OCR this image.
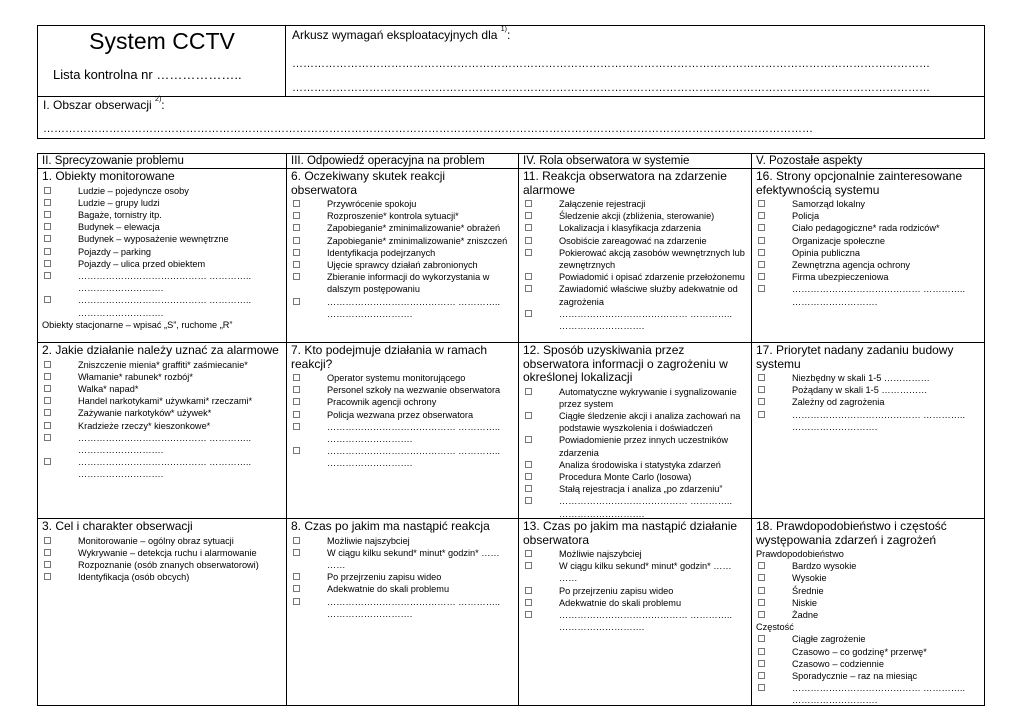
System CCTV
Lista kontrolna nr ………………..
Arkusz wymagań eksploatacyjnych dla $^{1)}$:
…………………………………………………………………………………………………………………………………………………………
…………………………………………………………………………………………………………………………………………………………
I. Obszar obserwacji $^{2)}$:
…………………………………………………………………………………………………………………………………………………………………………………………
II. Sprecyzowanie problemu	III. Odpowiedź operacyjna na problem	IV. Rola obserwatora w systemie	V. Pozostałe aspekty
1. Obiekty monitorowane
Ludzie – pojedyncze osoby
Ludzie – grupy ludzi
Bagaże, tornistry itp.
Budynek – elewacja
Budynek – wyposażenie wewnętrzne
Pojazdy – parking
Pojazdy – ulica przed obiektem
…………………………………… ………….. ……………………….
…………………………………… ………….. ……………………….
Obiekty stacjonarne – wpisać „S”, ruchome „R”
6. Oczekiwany skutek reakcji obserwatora
Przywrócenie spokoju
Rozproszenie* kontrola sytuacji*
Zapobieganie* zminimalizowanie* obrażeń
Zapobieganie* zminimalizowanie* zniszczeń
Identyfikacja podejrzanych
Ujęcie sprawcy działań zabronionych
Zbieranie informacji do wykorzystania w dalszym postępowaniu
…………………………………… ………….. ……………………….
11. Reakcja obserwatora na zdarzenie alarmowe
Załączenie rejestracji
Śledzenie akcji (zbliżenia, sterowanie)
Lokalizacja i klasyfikacja zdarzenia
Osobiście zareagować na zdarzenie
Pokierować akcją zasobów wewnętrznych lub zewnętrznych
Powiadomić i opisać zdarzenie przełożonemu
Zawiadomić właściwe służby adekwatnie od zagrożenia
…………………………………… ………….. ……………………….
16. Strony opcjonalnie zainteresowane efektywnością systemu
Samorząd lokalny
Policja
Ciało pedagogiczne* rada rodziców*
Organizacje społeczne
Opinia publiczna
Zewnętrzna agencja ochrony
Firma ubezpieczeniowa
…………………………………… ………….. ……………………….
2. Jakie działanie należy uznać za alarmowe
Zniszczenie mienia* graffiti* zaśmiecanie*
Włamanie* rabunek* rozbój*
Walka* napad*
Handel narkotykami* używkami* rzeczami*
Zażywanie narkotyków* używek*
Kradzieże rzeczy* kieszonkowe*
…………………………………… ………….. ……………………….
…………………………………… ………….. ……………………….
7. Kto podejmuje działania w ramach reakcji?
Operator systemu monitorującego
Personel szkoły na wezwanie obserwatora
Pracownik agencji ochrony
Policja wezwana przez obserwatora
…………………………………… ………….. ……………………….
…………………………………… ………….. ……………………….
12. Sposób uzyskiwania przez obserwatora informacji o zagrożeniu w określonej lokalizacji
Automatyczne wykrywanie i sygnalizowanie przez system
Ciągłe śledzenie akcji i analiza zachowań na podstawie wyszkolenia i doświadczeń
Powiadomienie przez innych uczestników zdarzenia
Analiza środowiska i statystyka zdarzeń
Procedura Monte Carlo (losowa)
Stałą rejestracja i analiza „po zdarzeniu”
…………………………………… ………….. ……………………….
17. Priorytet nadany zadaniu budowy systemu
Niezbędny w skali 1-5 ……………
Pożądany w skali 1-5 ……………
Zależny od zagrożenia
…………………………………… ………….. ……………………….
3. Cel i charakter obserwacji
Monitorowanie – ogólny obraz sytuacji
Wykrywanie – detekcja ruchu i alarmowanie
Rozpoznanie (osób znanych obserwatorowi)
Identyfikacja (osób obcych)
8. Czas po jakim ma nastąpić reakcja
Możliwie najszybciej
W ciągu kilku sekund* minut* godzin* …… ……
Po przejrzeniu zapisu wideo
Adekwatnie do skali problemu
…………………………………… ………….. ……………………….
13. Czas po jakim ma nastąpić działanie obserwatora
Możliwie najszybciej
W ciągu kilku sekund* minut* godzin* …… ……
Po przejrzeniu zapisu wideo
Adekwatnie do skali problemu
…………………………………… ………….. ……………………….
18. Prawdopodobieństwo i częstość występowania zdarzeń i zagrożeń
Prawdopodobieństwo
Bardzo wysokie
Wysokie
Średnie
Niskie
Żadne
Częstość
Ciągłe zagrożenie
Czasowo – co godzinę* przerwę*
Czasowo – codziennie
Sporadycznie – raz na miesiąc
…………………………………… ………….. ……………………….
